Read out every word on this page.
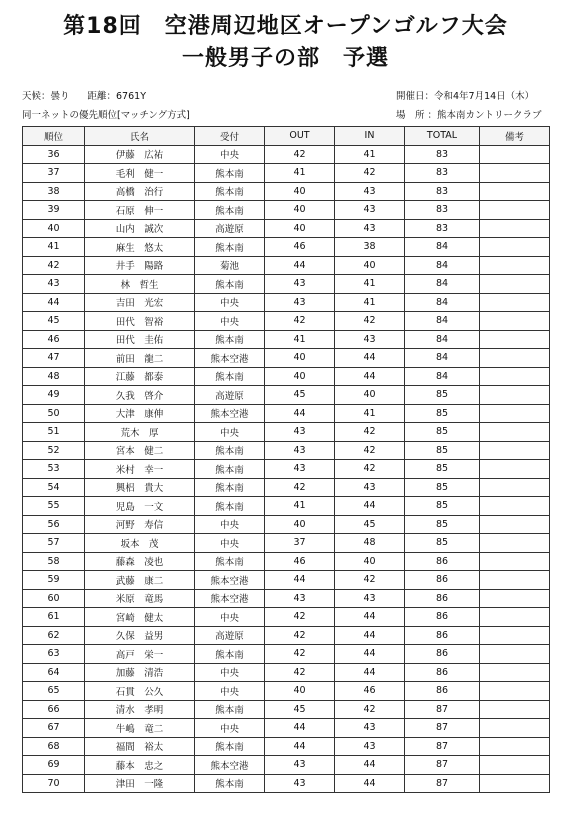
第18回　空港周辺地区オープンゴルフ大会
一般男子の部　予選
天候：曇り 距離：6761Y
同一ネットの優先順位[マッチング方式]
開催日：令和4年7月14日（木）
場　所 ：熊本南カントリークラブ
順位	氏名	受付	OUT	IN	TOTAL	備考
36	伊藤　広祐	中央	42	41	83	
37	毛利　健一	熊本南	41	42	83	
38	高橋　治行	熊本南	40	43	83	
39	石原　伸一	熊本南	40	43	83	
40	山内　誠次	高遊原	40	43	83	
41	麻生　悠太	熊本南	46	38	84	
42	井手　陽路	菊池	44	40	84	
43	林　哲生	熊本南	43	41	84	
44	吉田　光宏	中央	43	41	84	
45	田代　智裕	中央	42	42	84	
46	田代　圭佑	熊本南	41	43	84	
47	前田　龍二	熊本空港	40	44	84	
48	江藤　都泰	熊本南	40	44	84	
49	久我　啓介	高遊原	45	40	85	
50	大津　康伸	熊本空港	44	41	85	
51	荒木　厚	中央	43	42	85	
52	宮本　健二	熊本南	43	42	85	
53	米村　幸一	熊本南	43	42	85	
54	興梠　貴大	熊本南	42	43	85	
55	児島　一文	熊本南	41	44	85	
56	河野　寿信	中央	40	45	85	
57	坂本　茂	中央	37	48	85	
58	藤森　凌也	熊本南	46	40	86	
59	武藤　康二	熊本空港	44	42	86	
60	米原　竜馬	熊本空港	43	43	86	
61	宮崎　健太	中央	42	44	86	
62	久保　益男	高遊原	42	44	86	
63	高戸　栄一	熊本南	42	44	86	
64	加藤　清浩	中央	42	44	86	
65	石貫　公久	中央	40	46	86	
66	清水　孝明	熊本南	45	42	87	
67	牛嶋　竜二	中央	44	43	87	
68	福間　裕太	熊本南	44	43	87	
69	藤本　忠之	熊本空港	43	44	87	
70	津田　一隆	熊本南	43	44	87	
